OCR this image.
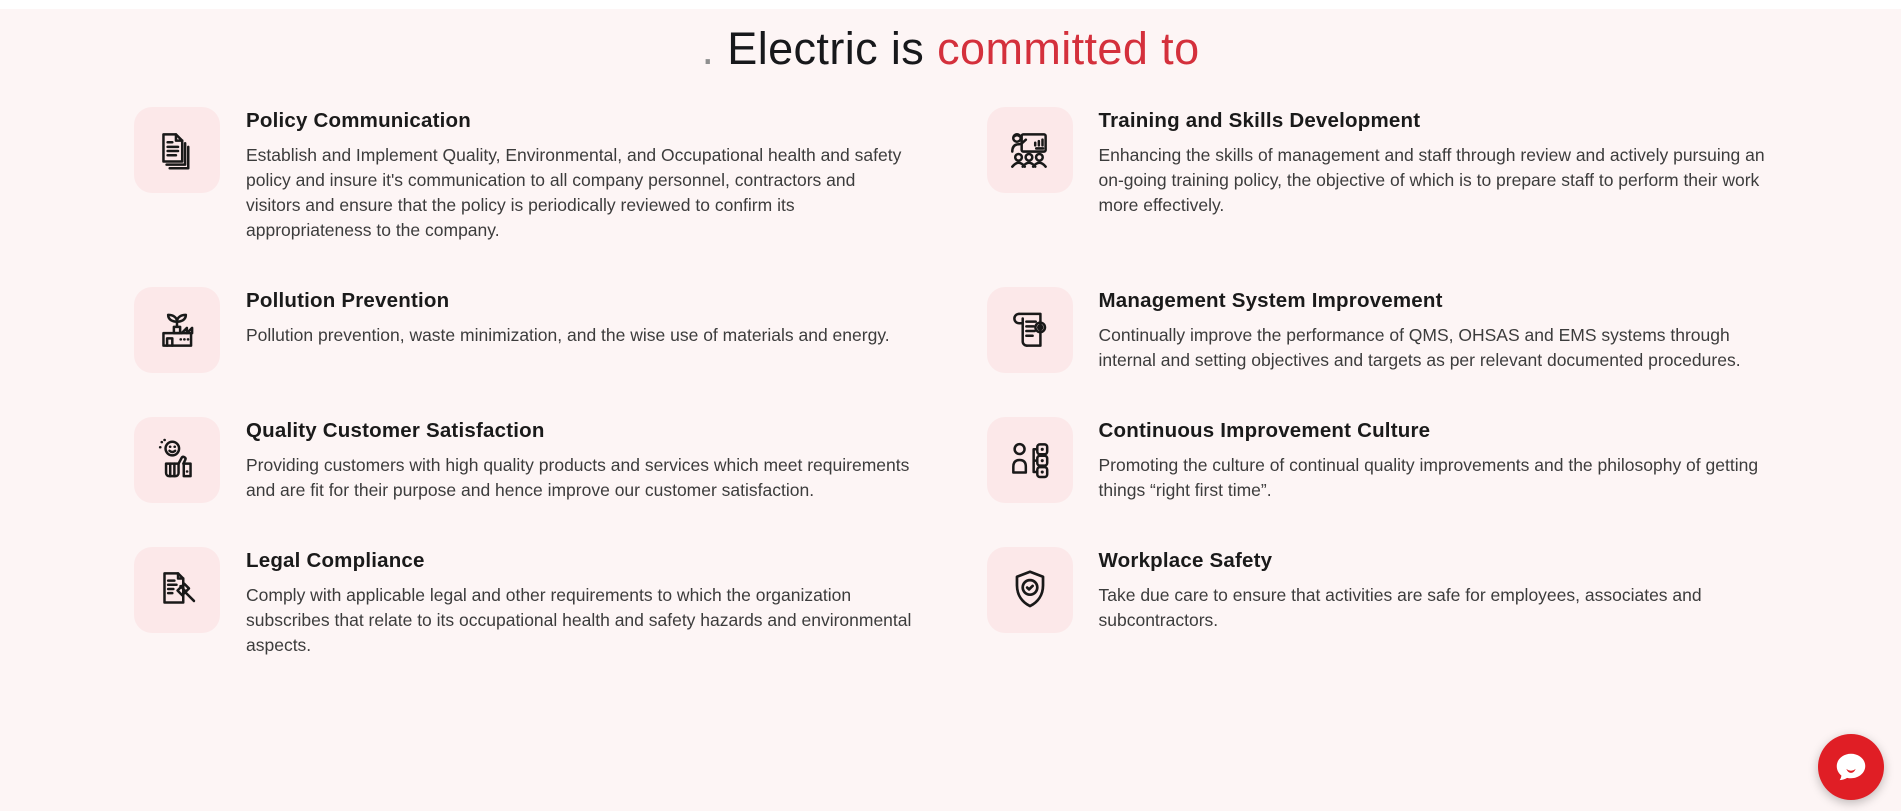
. Electric is committed to
Policy Communication

Establish and Implement Quality, Environmental, and Occupational health and safety policy and insure it's communication to all company personnel, contractors and visitors and ensure that the policy is periodically reviewed to confirm its appropriateness to the company.

Pollution Prevention

Pollution prevention, waste minimization, and the wise use of materials and energy.

Quality Customer Satisfaction

Providing customers with high quality products and services which meet requirements and are fit for their purpose and hence improve our customer satisfaction.

Legal Compliance

Comply with applicable legal and other requirements to which the organization subscribes that relate to its occupational health and safety hazards and environmental aspects.

Training and Skills Development

Enhancing the skills of management and staff through review and actively pursuing an on-going training policy, the objective of which is to prepare staff to perform their work more effectively.

Management System Improvement

Continually improve the performance of QMS, OHSAS and EMS systems through internal and setting objectives and targets as per relevant documented procedures.

Continuous Improvement Culture

Promoting the culture of continual quality improvements and the philosophy of getting things “right first time”.

Workplace Safety

Take due care to ensure that activities are safe for employees, associates and subcontractors.
